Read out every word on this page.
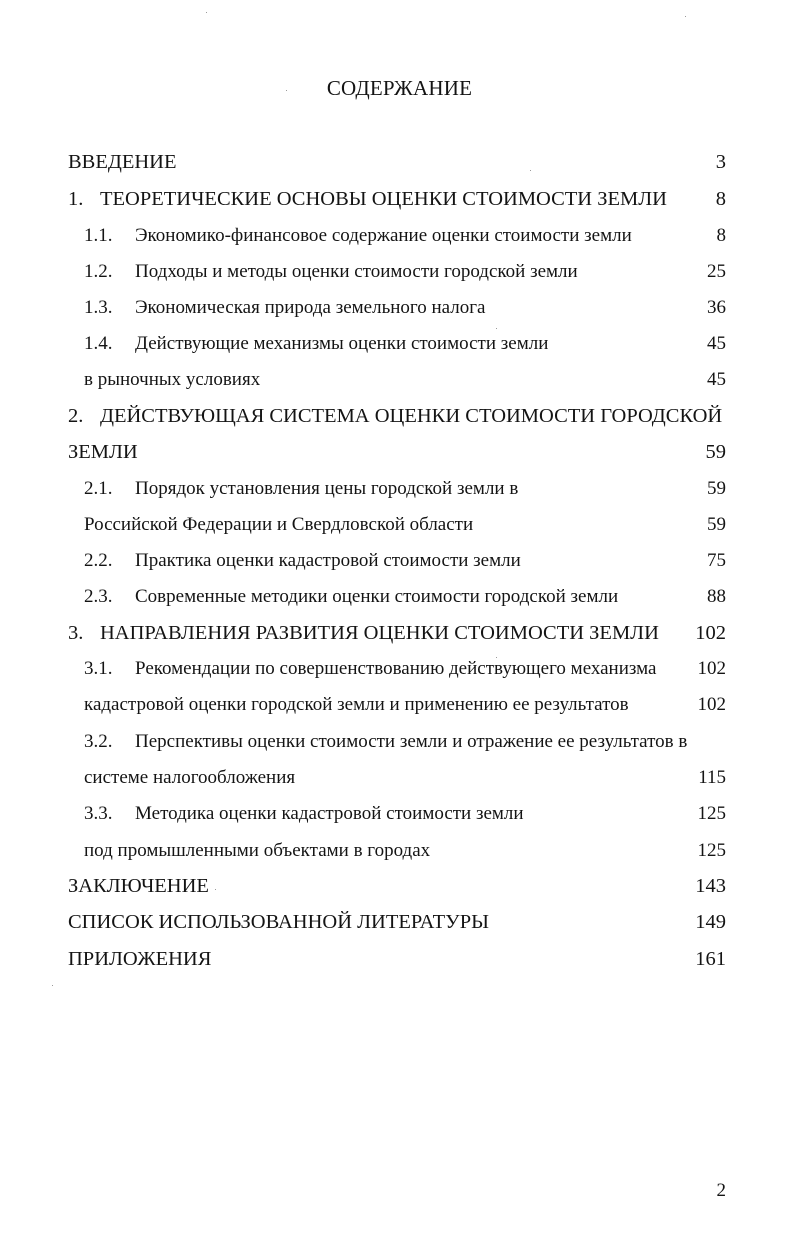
СОДЕРЖАНИЕ
ВВЕДЕНИЕ	3
1. ТЕОРЕТИЧЕСКИЕ ОСНОВЫ ОЦЕНКИ СТОИМОСТИ ЗЕМЛИ 8
1.1. Экономико-финансовое содержание оценки стоимости земли	8
1.2. Подходы и методы оценки стоимости городской земли	25
1.3. Экономическая природа земельного налога	36
1.4. Действующие механизмы оценки стоимости земли	45
в рыночных условиях	45
2. ДЕЙСТВУЮЩАЯ СИСТЕМА ОЦЕНКИ СТОИМОСТИ ГОРОДСКОЙ
ЗЕМЛИ	59
2.1. Порядок установления цены городской земли в	59
Российской Федерации и Свердловской области	59
2.2. Практика оценки кадастровой стоимости земли	75
2.3. Современные методики оценки стоимости городской земли	88
3. НАПРАВЛЕНИЯ РАЗВИТИЯ ОЦЕНКИ СТОИМОСТИ ЗЕМЛИ 102
3.1. Рекомендации по совершенствованию действующего механизма 102
кадастровой оценки городской земли и применению ее результатов	102
3.2. Перспективы оценки стоимости земли и отражение ее результатов в
системе налогообложения	115
3.3. Методика оценки кадастровой стоимости земли	125
под промышленными объектами в городах	125
ЗАКЛЮЧЕНИЕ	143
СПИСОК ИСПОЛЬЗОВАННОЙ ЛИТЕРАТУРЫ	149
ПРИЛОЖЕНИЯ	161
2
